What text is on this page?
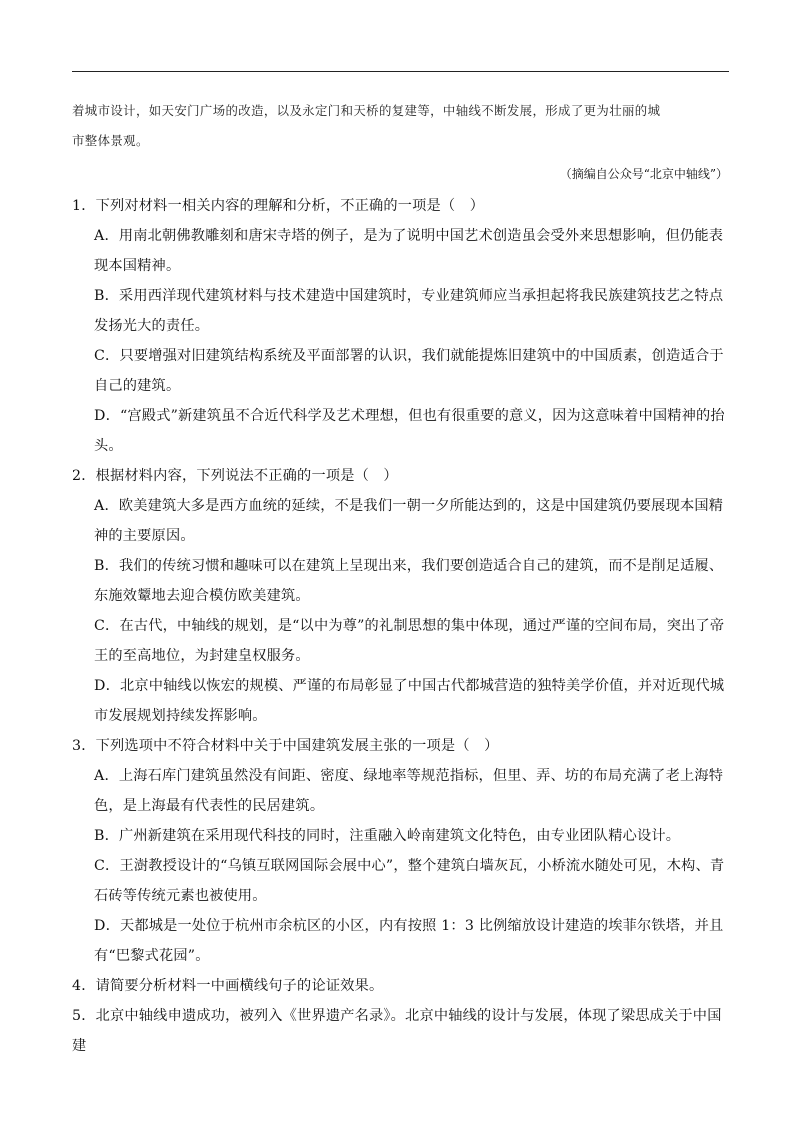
着城市设计，如天安门广场的改造，以及永定门和天桥的复建等，中轴线不断发展，形成了更为壮丽的城

市整体景观。

（摘编自公众号“北京中轴线”）

1．下列对材料一相关内容的理解和分析，不正确的一项是（　）

A．用南北朝佛教雕刻和唐宋寺塔的例子，是为了说明中国艺术创造虽会受外来思想影响，但仍能表现本国精神。

B．采用西洋现代建筑材料与技术建造中国建筑时，专业建筑师应当承担起将我民族建筑技艺之特点发扬光大的责任。

C．只要增强对旧建筑结构系统及平面部署的认识，我们就能提炼旧建筑中的中国质素，创造适合于自己的建筑。

D．“宫殿式”新建筑虽不合近代科学及艺术理想，但也有很重要的意义，因为这意味着中国精神的抬头。

2．根据材料内容，下列说法不正确的一项是（　）

A．欧美建筑大多是西方血统的延续，不是我们一朝一夕所能达到的，这是中国建筑仍要展现本国精神的主要原因。

B．我们的传统习惯和趣味可以在建筑上呈现出来，我们要创造适合自己的建筑，而不是削足适履、东施效颦地去迎合模仿欧美建筑。

C．在古代，中轴线的规划，是“以中为尊”的礼制思想的集中体现，通过严谨的空间布局，突出了帝王的至高地位，为封建皇权服务。

D．北京中轴线以恢宏的规模、严谨的布局彰显了中国古代都城营造的独特美学价值，并对近现代城市发展规划持续发挥影响。

3．下列选项中不符合材料中关于中国建筑发展主张的一项是（　）

A．上海石库门建筑虽然没有间距、密度、绿地率等规范指标，但里、弄、坊的布局充满了老上海特色，是上海最有代表性的民居建筑。

B．广州新建筑在采用现代科技的同时，注重融入岭南建筑文化特色，由专业团队精心设计。

C．王澍教授设计的“乌镇互联网国际会展中心”，整个建筑白墙灰瓦，小桥流水随处可见，木构、青石砖等传统元素也被使用。

D．天都城是一处位于杭州市余杭区的小区，内有按照 1：3 比例缩放设计建造的埃菲尔铁塔，并且有“巴黎式花园”。

4．请简要分析材料一中画横线句子的论证效果。

5．北京中轴线申遗成功，被列入《世界遗产名录》。北京中轴线的设计与发展，体现了梁思成关于中国建
